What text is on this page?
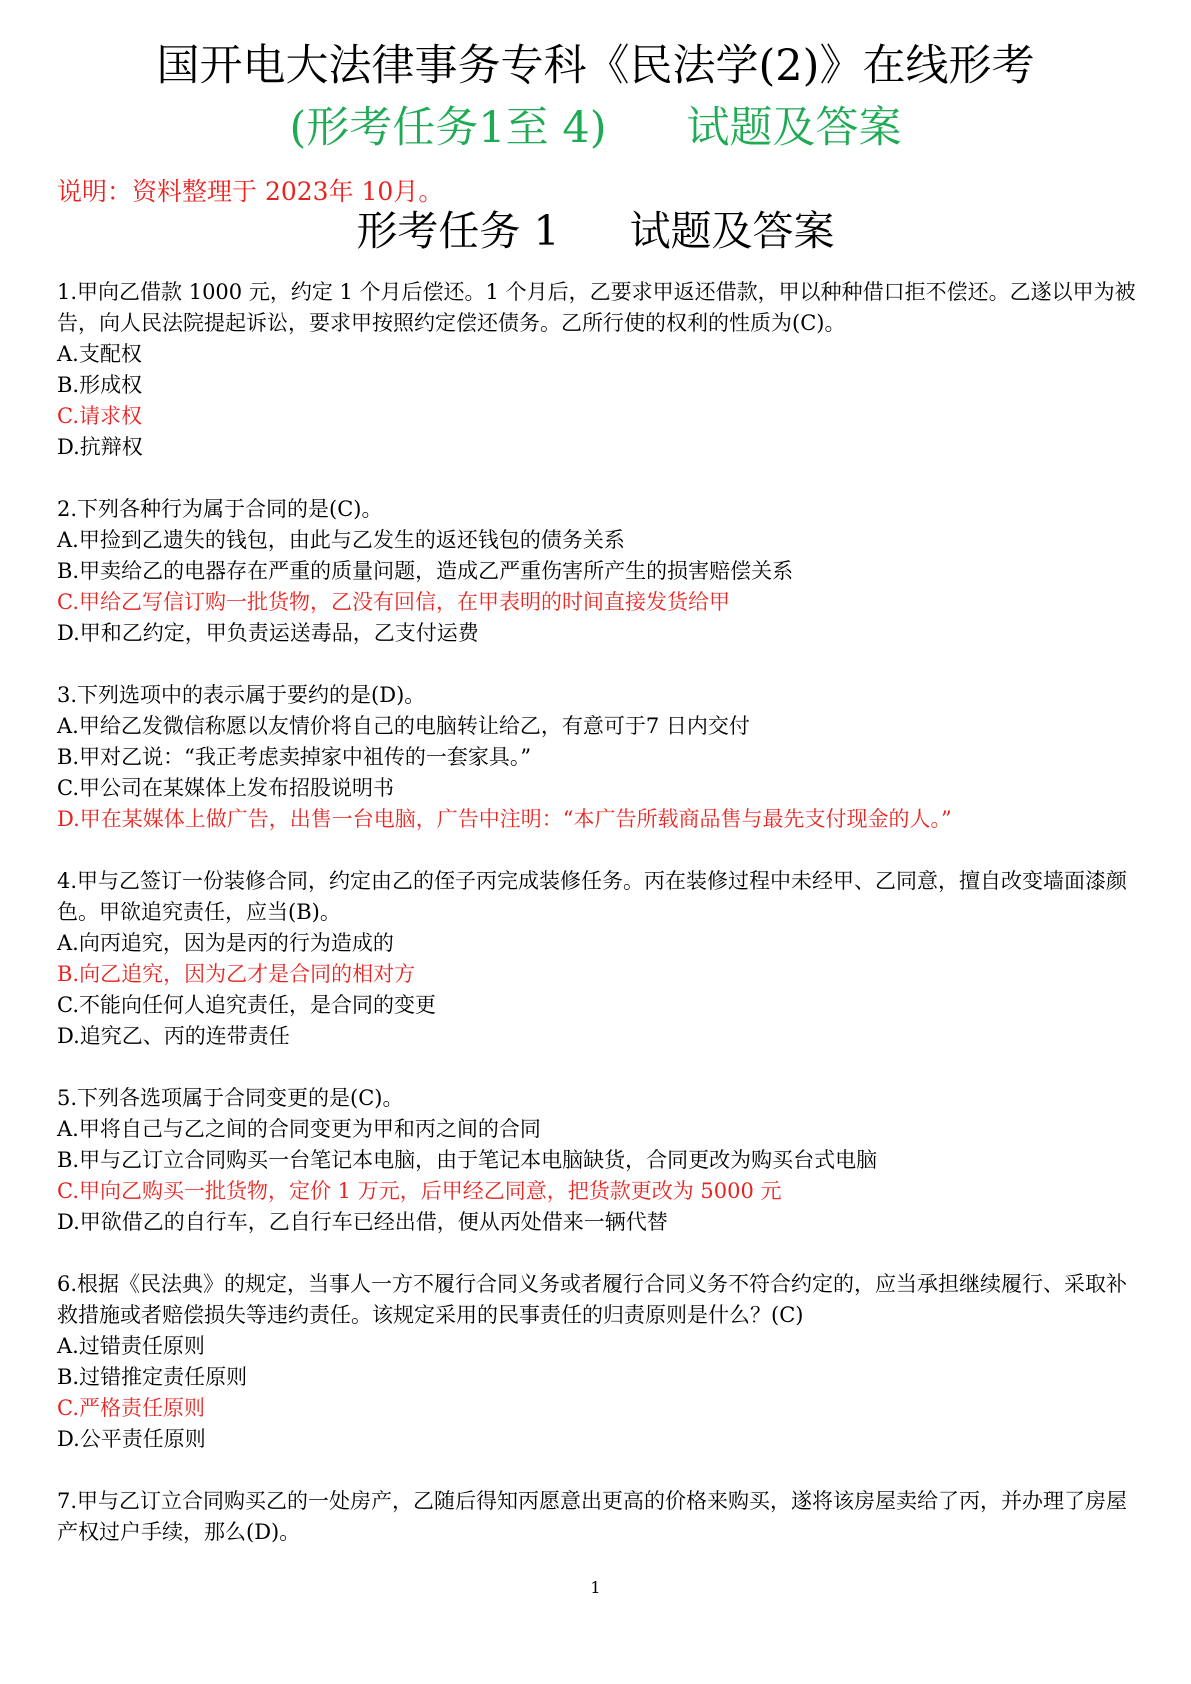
国开电大法律事务专科《民法学(2)》在线形考
(形考任务1至 4) 试题及答案
说明：资料整理于 2023年 10月。
形考任务 1 试题及答案

1.甲向乙借款 1000 元，约定 1 个月后偿还。1 个月后，乙要求甲返还借款，甲以种种借口拒不偿还。乙遂以甲为被告，向人民法院提起诉讼，要求甲按照约定偿还债务。乙所行使的权利的性质为(C)。

A.支配权

B.形成权

C.请求权

D.抗辩权

2.下列各种行为属于合同的是(C)。

A.甲捡到乙遗失的钱包，由此与乙发生的返还钱包的债务关系

B.甲卖给乙的电器存在严重的质量问题，造成乙严重伤害所产生的损害赔偿关系

C.甲给乙写信订购一批货物，乙没有回信，在甲表明的时间直接发货给甲

D.甲和乙约定，甲负责运送毒品，乙支付运费

3.下列选项中的表示属于要约的是(D)。

A.甲给乙发微信称愿以友情价将自己的电脑转让给乙，有意可于7 日内交付

B.甲对乙说：“我正考虑卖掉家中祖传的一套家具。”

C.甲公司在某媒体上发布招股说明书

D.甲在某媒体上做广告，出售一台电脑，广告中注明：“本广告所载商品售与最先支付现金的人。”

4.甲与乙签订一份装修合同，约定由乙的侄子丙完成装修任务。丙在装修过程中未经甲、乙同意，擅自改变墙面漆颜色。甲欲追究责任，应当(B)。

A.向丙追究，因为是丙的行为造成的

B.向乙追究，因为乙才是合同的相对方

C.不能向任何人追究责任，是合同的变更

D.追究乙、丙的连带责任

5.下列各选项属于合同变更的是(C)。

A.甲将自己与乙之间的合同变更为甲和丙之间的合同

B.甲与乙订立合同购买一台笔记本电脑，由于笔记本电脑缺货，合同更改为购买台式电脑

C.甲向乙购买一批货物，定价 1 万元，后甲经乙同意，把货款更改为 5000 元

D.甲欲借乙的自行车，乙自行车已经出借，便从丙处借来一辆代替

6.根据《民法典》的规定，当事人一方不履行合同义务或者履行合同义务不符合约定的，应当承担继续履行、采取补救措施或者赔偿损失等违约责任。该规定采用的民事责任的归责原则是什么？(C)

A.过错责任原则

B.过错推定责任原则

C.严格责任原则

D.公平责任原则

7.甲与乙订立合同购买乙的一处房产，乙随后得知丙愿意出更高的价格来购买，遂将该房屋卖给了丙，并办理了房屋产权过户手续，那么(D)。

1
